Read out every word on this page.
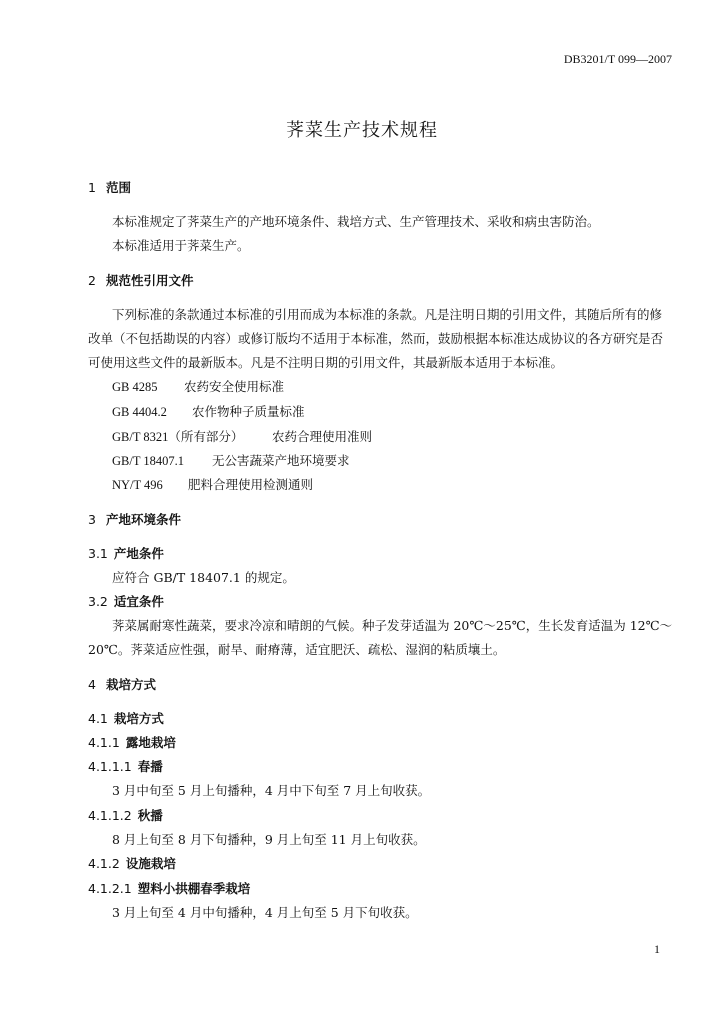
DB3201/T 099—2007
荠菜生产技术规程
1 范围
本标准规定了荠菜生产的产地环境条件、栽培方式、生产管理技术、采收和病虫害防治。
本标准适用于荠菜生产。
2 规范性引用文件
下列标准的条款通过本标准的引用而成为本标准的条款。凡是注明日期的引用文件，其随后所有的修
改单（不包括勘误的内容）或修订版均不适用于本标准，然而，鼓励根据本标准达成协议的各方研究是否
可使用这些文件的最新版本。凡是不注明日期的引用文件，其最新版本适用于本标准。
GB 4285 农药安全使用标准
GB 4404.2 农作物种子质量标准
GB/T 8321（所有部分） 农药合理使用准则
GB/T 18407.1 无公害蔬菜产地环境要求
NY/T 496 肥料合理使用检测通则
3 产地环境条件
3.1 产地条件
应符合 GB/T 18407.1 的规定。
3.2 适宜条件
荠菜属耐寒性蔬菜，要求冷凉和晴朗的气候。种子发芽适温为 20℃～25℃，生长发育适温为 12℃～
20℃。荠菜适应性强，耐旱、耐瘠薄，适宜肥沃、疏松、湿润的粘质壤土。
4 栽培方式
4.1 栽培方式
4.1.1 露地栽培
4.1.1.1 春播
3 月中旬至 5 月上旬播种，4 月中下旬至 7 月上旬收获。
4.1.1.2 秋播
8 月上旬至 8 月下旬播种，9 月上旬至 11 月上旬收获。
4.1.2 设施栽培
4.1.2.1 塑料小拱棚春季栽培
3 月上旬至 4 月中旬播种，4 月上旬至 5 月下旬收获。
1
